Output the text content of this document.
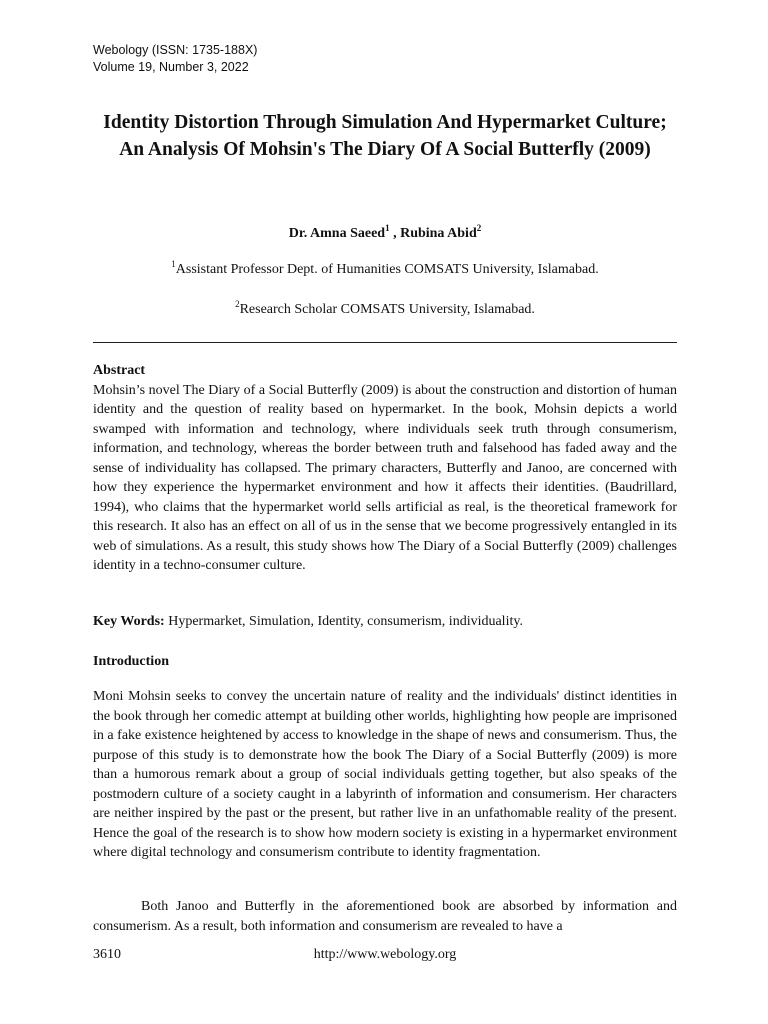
Webology (ISSN: 1735-188X)
Volume 19, Number 3, 2022
Identity Distortion Through Simulation And Hypermarket Culture; An Analysis Of Mohsin's The Diary Of A Social Butterfly (2009)
Dr. Amna Saeed$^1$ , Rubina Abid$^2$
$^1$Assistant Professor Dept. of Humanities COMSATS University, Islamabad.
$^2$Research Scholar COMSATS University, Islamabad.
Abstract
Mohsin’s novel The Diary of a Social Butterfly (2009) is about the construction and distortion of human identity and the question of reality based on hypermarket. In the book, Mohsin depicts a world swamped with information and technology, where individuals seek truth through consumerism, information, and technology, whereas the border between truth and falsehood has faded away and the sense of individuality has collapsed. The primary characters, Butterfly and Janoo, are concerned with how they experience the hypermarket environment and how it affects their identities. (Baudrillard, 1994), who claims that the hypermarket world sells artificial as real, is the theoretical framework for this research. It also has an effect on all of us in the sense that we become progressively entangled in its web of simulations. As a result, this study shows how The Diary of a Social Butterfly (2009) challenges identity in a techno-consumer culture.
Key Words: Hypermarket, Simulation, Identity, consumerism, individuality.
Introduction
Moni Mohsin seeks to convey the uncertain nature of reality and the individuals' distinct identities in the book through her comedic attempt at building other worlds, highlighting how people are imprisoned in a fake existence heightened by access to knowledge in the shape of news and consumerism. Thus, the purpose of this study is to demonstrate how the book The Diary of a Social Butterfly (2009) is more than a humorous remark about a group of social individuals getting together, but also speaks of the postmodern culture of a society caught in a labyrinth of information and consumerism. Her characters are neither inspired by the past or the present, but rather live in an unfathomable reality of the present. Hence the goal of the research is to show how modern society is existing in a hypermarket environment where digital technology and consumerism contribute to identity fragmentation.
Both Janoo and Butterfly in the aforementioned book are absorbed by information and consumerism. As a result, both information and consumerism are revealed to have a
3610	http://www.webology.org
